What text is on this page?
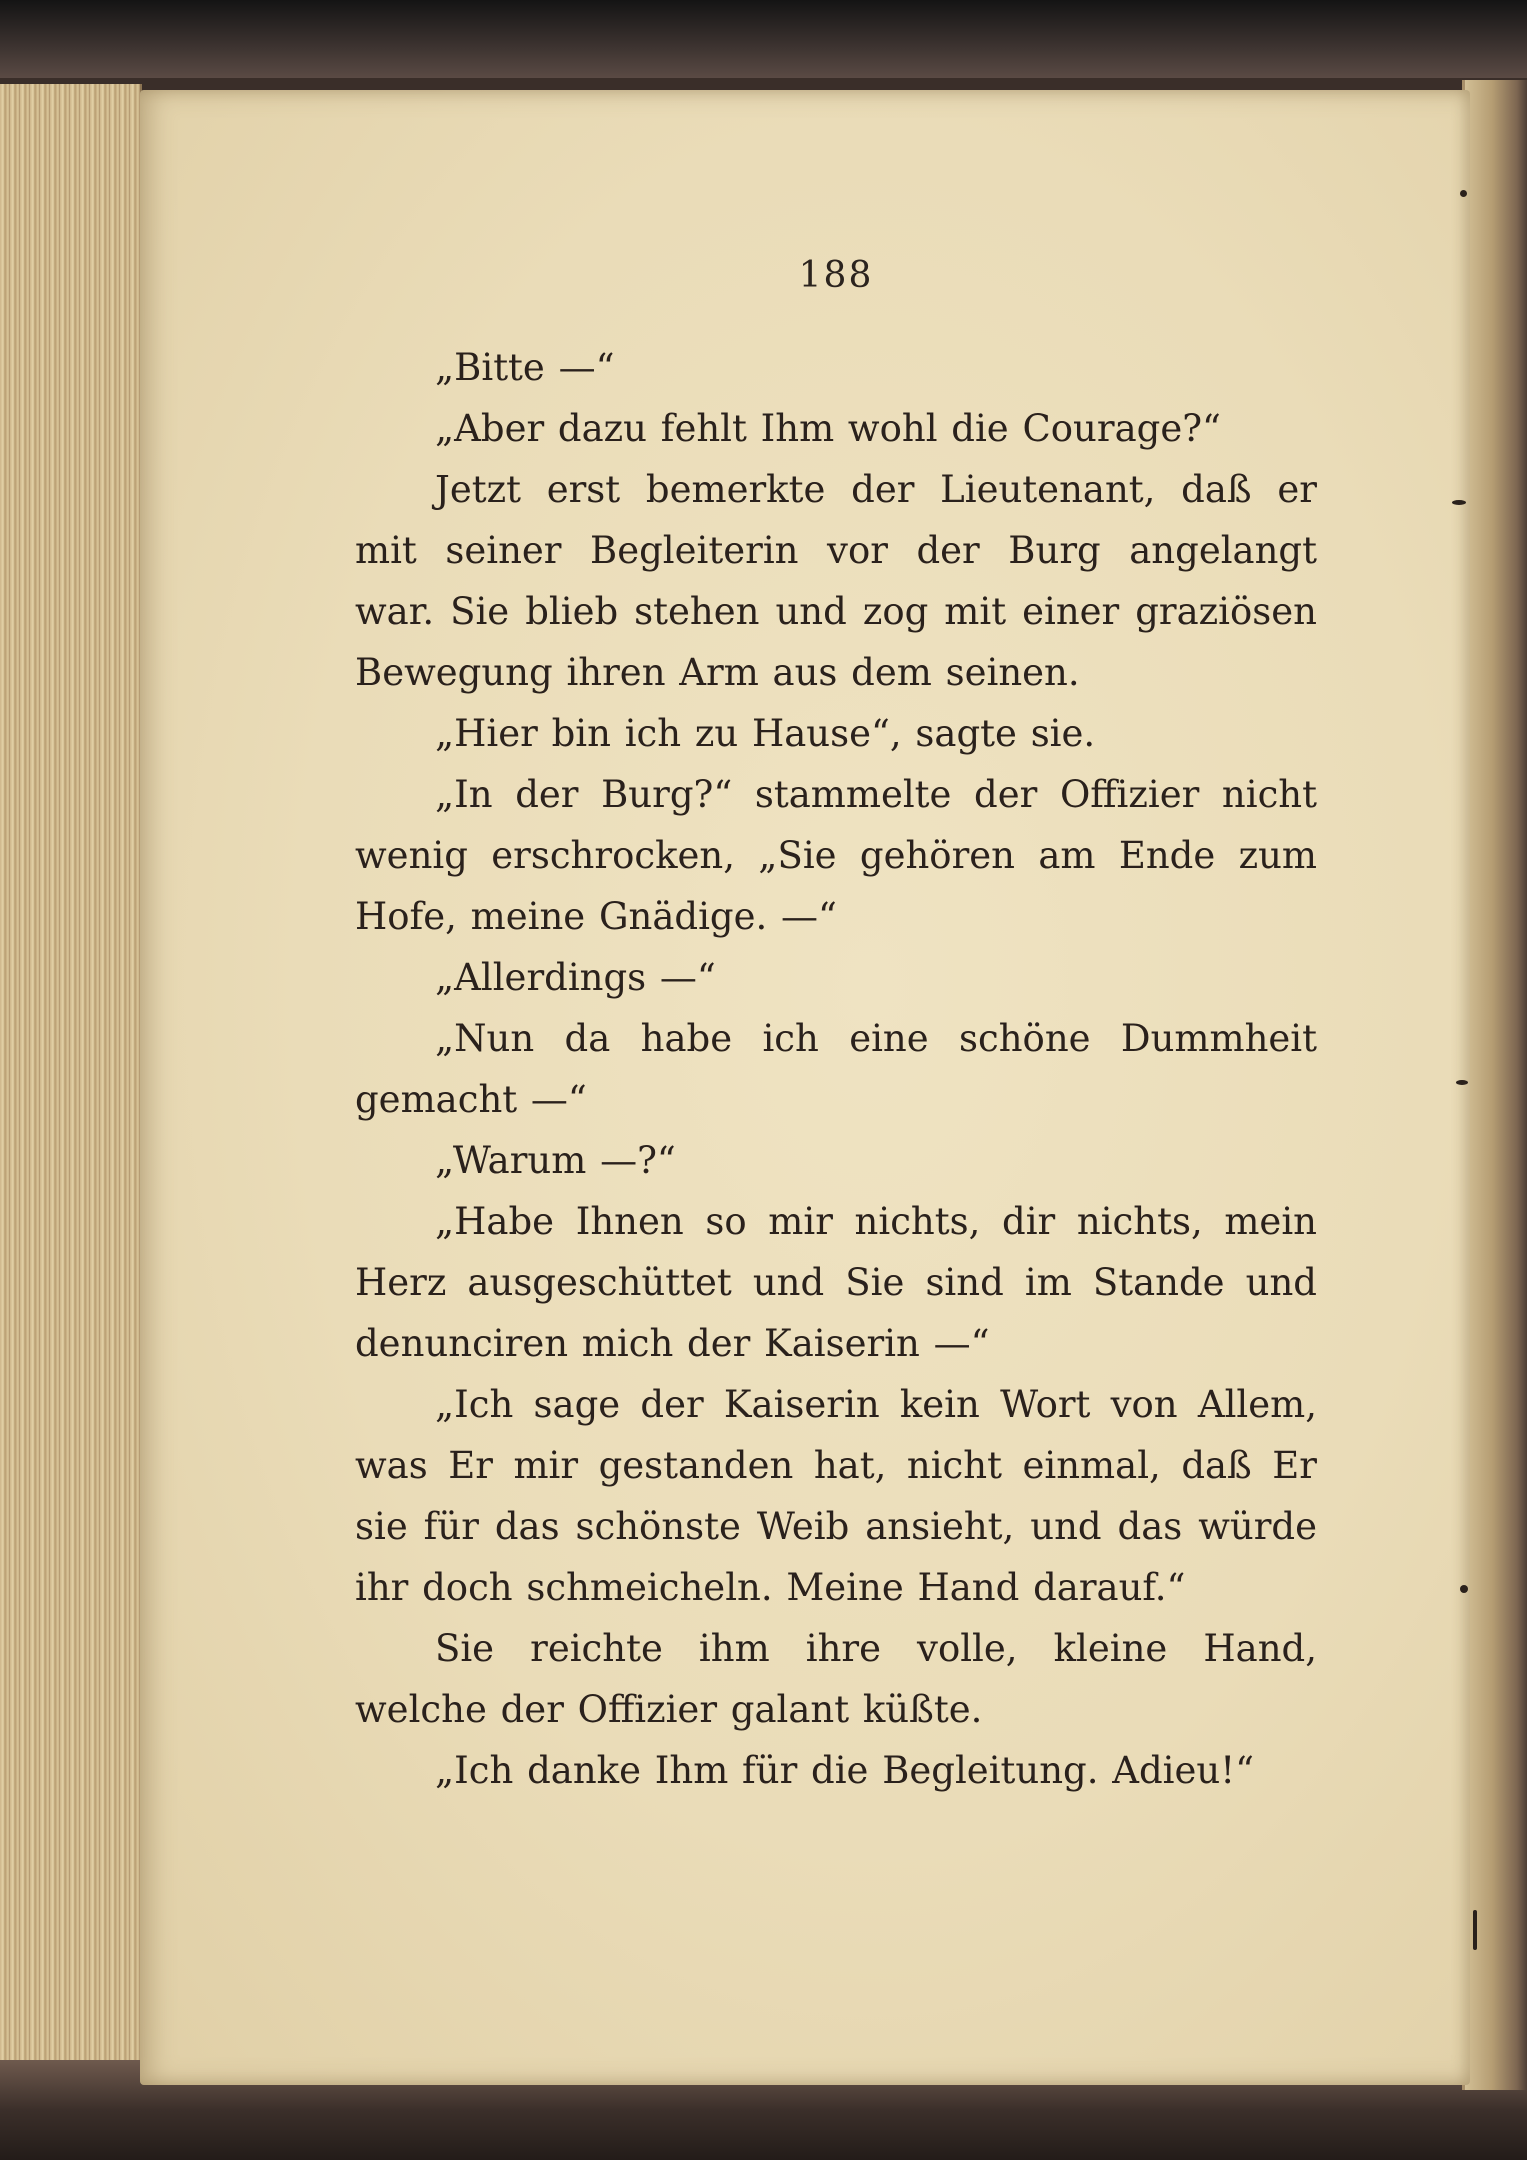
188

„Bitte —“

„Aber dazu fehlt Ihm wohl die Courage?“

Jetzt erst bemerkte der Lieutenant, daß er mit seiner Begleiterin vor der Burg angelangt war. Sie blieb stehen und zog mit einer graziösen Bewegung ihren Arm aus dem seinen.

„Hier bin ich zu Hause“, sagte sie.

„In der Burg?“ stammelte der Offizier nicht wenig erschrocken, „Sie gehören am Ende zum Hofe, meine Gnädige. —“

„Allerdings —“

„Nun da habe ich eine schöne Dummheit gemacht —“

„Warum —?“

„Habe Ihnen so mir nichts, dir nichts, mein Herz ausgeschüttet und Sie sind im Stande und denunciren mich der Kaiserin —“

„Ich sage der Kaiserin kein Wort von Allem, was Er mir gestanden hat, nicht einmal, daß Er sie für das schönste Weib ansieht, und das würde ihr doch schmeicheln. Meine Hand darauf.“

Sie reichte ihm ihre volle, kleine Hand, welche der Offizier galant küßte.

„Ich danke Ihm für die Begleitung. Adieu!“
